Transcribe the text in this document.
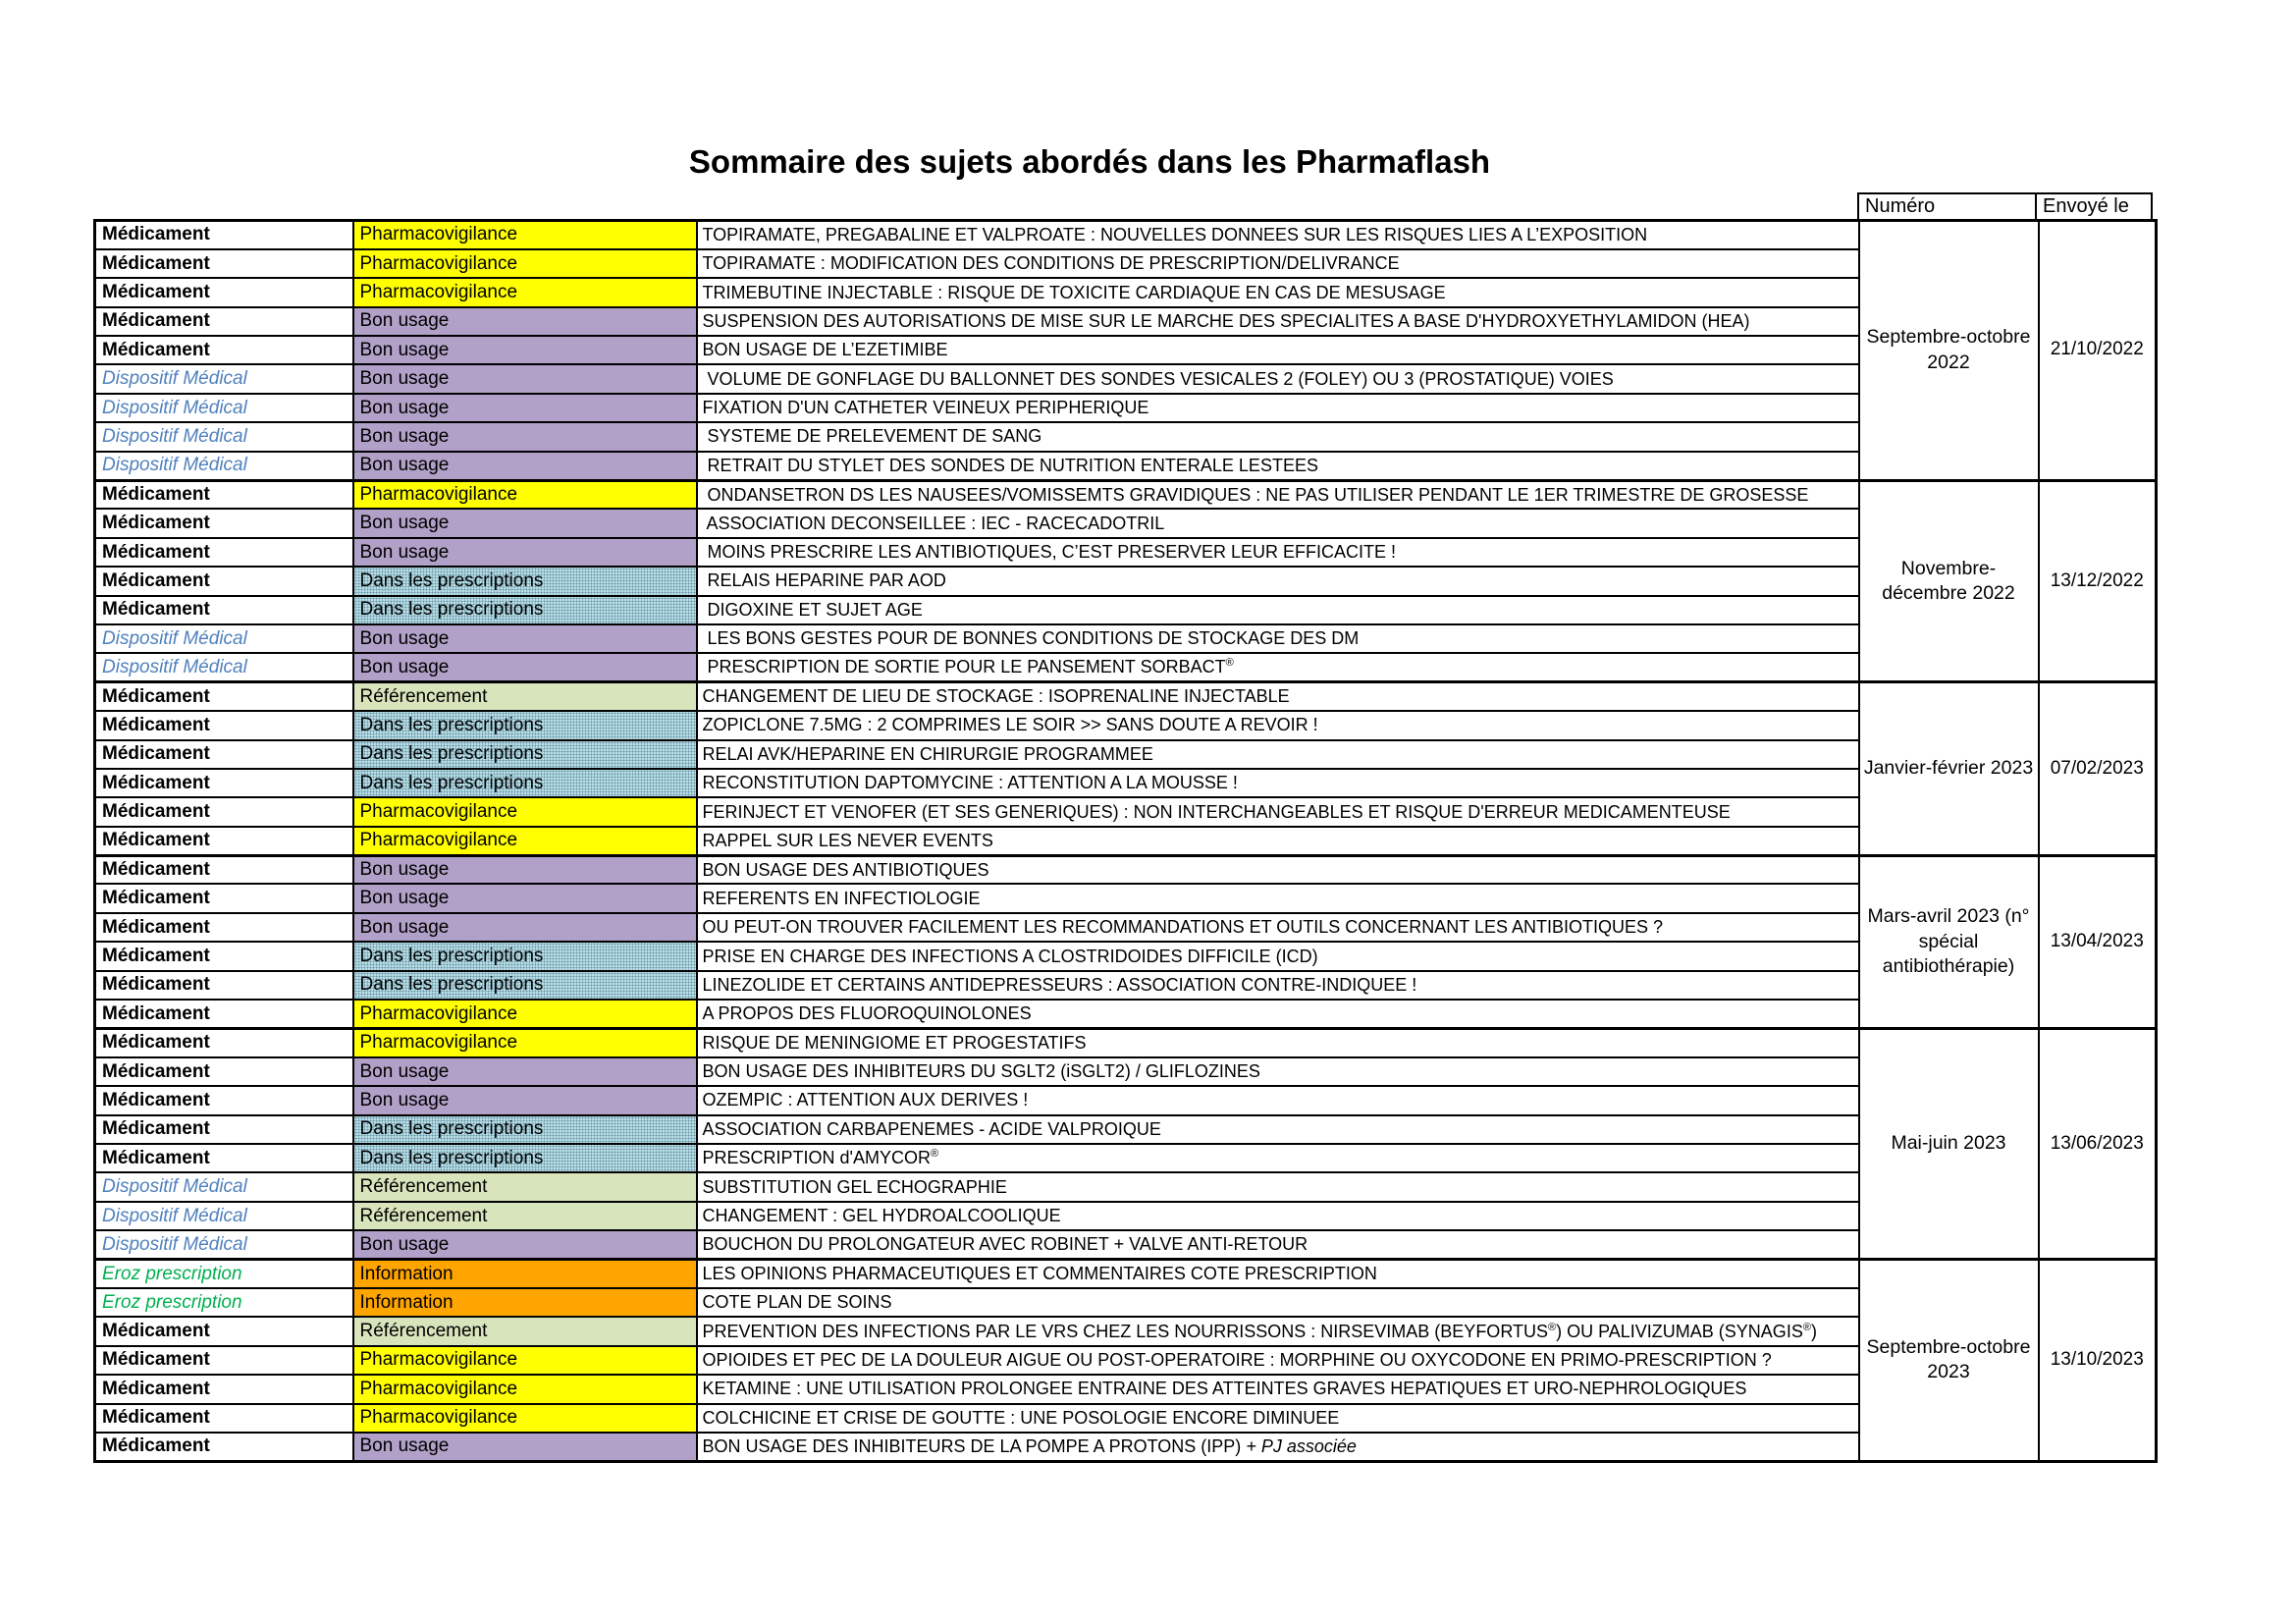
Sommaire des sujets abordés dans les Pharmaflash
Numéro	Envoyé le
Médicament	Pharmacovigilance	TOPIRAMATE, PREGABALINE ET VALPROATE : NOUVELLES DONNEES SUR LES RISQUES LIES A L’EXPOSITION	Septembre-octobre 2022	21/10/2022
Médicament	Pharmacovigilance	TOPIRAMATE : MODIFICATION DES CONDITIONS DE PRESCRIPTION/DELIVRANCE		
Médicament	Pharmacovigilance	TRIMEBUTINE INJECTABLE : RISQUE DE TOXICITE CARDIAQUE EN CAS DE MESUSAGE		
Médicament	Bon usage	SUSPENSION DES AUTORISATIONS DE MISE SUR LE MARCHE DES SPECIALITES A BASE D'HYDROXYETHYLAMIDON (HEA)		
Médicament	Bon usage	BON USAGE DE L’EZETIMIBE		
Dispositif Médical	Bon usage	VOLUME DE GONFLAGE DU BALLONNET DES SONDES VESICALES 2 (FOLEY) OU 3 (PROSTATIQUE) VOIES		
Dispositif Médical	Bon usage	FIXATION D'UN CATHETER VEINEUX PERIPHERIQUE		
Dispositif Médical	Bon usage	SYSTEME DE PRELEVEMENT DE SANG		
Dispositif Médical	Bon usage	RETRAIT DU STYLET DES SONDES DE NUTRITION ENTERALE LESTEES		
Médicament	Pharmacovigilance	ONDANSETRON DS LES NAUSEES/VOMISSEMTS GRAVIDIQUES : NE PAS UTILISER PENDANT LE 1ER TRIMESTRE DE GROSESSE	Novembre-décembre 2022	13/12/2022
Médicament	Bon usage	ASSOCIATION DECONSEILLEE : IEC - RACECADOTRIL		
Médicament	Bon usage	MOINS PRESCRIRE LES ANTIBIOTIQUES, C’EST PRESERVER LEUR EFFICACITE !		
Médicament	Dans les prescriptions	RELAIS HEPARINE PAR AOD		
Médicament	Dans les prescriptions	DIGOXINE ET SUJET AGE		
Dispositif Médical	Bon usage	LES BONS GESTES POUR DE BONNES CONDITIONS DE STOCKAGE DES DM		
Dispositif Médical	Bon usage	PRESCRIPTION DE SORTIE POUR LE PANSEMENT SORBACT®
Médicament	Référencement	CHANGEMENT DE LIEU DE STOCKAGE : ISOPRENALINE INJECTABLE	Janvier-février 2023	07/02/2023
Médicament	Dans les prescriptions	ZOPICLONE 7.5MG : 2 COMPRIMES LE SOIR >> SANS DOUTE A REVOIR !		
Médicament	Dans les prescriptions	RELAI AVK/HEPARINE EN CHIRURGIE PROGRAMMEE		
Médicament	Dans les prescriptions	RECONSTITUTION DAPTOMYCINE : ATTENTION A LA MOUSSE !		
Médicament	Pharmacovigilance	FERINJECT ET VENOFER (ET SES GENERIQUES) : NON INTERCHANGEABLES ET RISQUE D'ERREUR MEDICAMENTEUSE		
Médicament	Pharmacovigilance	RAPPEL SUR LES NEVER EVENTS		
Médicament	Bon usage	BON USAGE DES ANTIBIOTIQUES	Mars-avril 2023 (n° spécial antibiothérapie)	13/04/2023
Médicament	Bon usage	REFERENTS EN INFECTIOLOGIE		
Médicament	Bon usage	OU PEUT-ON TROUVER FACILEMENT LES RECOMMANDATIONS ET OUTILS CONCERNANT LES ANTIBIOTIQUES ?		
Médicament	Dans les prescriptions	PRISE EN CHARGE DES INFECTIONS A CLOSTRIDOIDES DIFFICILE (ICD)		
Médicament	Dans les prescriptions	LINEZOLIDE ET CERTAINS ANTIDEPRESSEURS : ASSOCIATION CONTRE-INDIQUEE !		
Médicament	Pharmacovigilance	A PROPOS DES FLUOROQUINOLONES		
Médicament	Pharmacovigilance	RISQUE DE MENINGIOME ET PROGESTATIFS	Mai-juin 2023	13/06/2023
Médicament	Bon usage	BON USAGE DES INHIBITEURS DU SGLT2 (iSGLT2) / GLIFLOZINES		
Médicament	Bon usage	OZEMPIC : ATTENTION AUX DERIVES !		
Médicament	Dans les prescriptions	ASSOCIATION CARBAPENEMES - ACIDE VALPROIQUE		
Médicament	Dans les prescriptions	PRESCRIPTION d'AMYCOR®
Dispositif Médical	Référencement	SUBSTITUTION GEL ECHOGRAPHIE		
Dispositif Médical	Référencement	CHANGEMENT : GEL HYDROALCOOLIQUE		
Dispositif Médical	Bon usage	BOUCHON DU PROLONGATEUR AVEC ROBINET + VALVE ANTI-RETOUR		
Eroz prescription	Information	LES OPINIONS PHARMACEUTIQUES ET COMMENTAIRES COTE PRESCRIPTION	Septembre-octobre 2023	13/10/2023
Eroz prescription	Information	COTE PLAN DE SOINS		
Médicament	Référencement	PREVENTION DES INFECTIONS PAR LE VRS CHEZ LES NOURRISSONS : NIRSEVIMAB (BEYFORTUS®) OU PALIVIZUMAB (SYNAGIS®)		
Médicament	Pharmacovigilance	OPIOIDES ET PEC DE LA DOULEUR AIGUE OU POST-OPERATOIRE : MORPHINE OU OXYCODONE EN PRIMO-PRESCRIPTION ?		
Médicament	Pharmacovigilance	KETAMINE : UNE UTILISATION PROLONGEE ENTRAINE DES ATTEINTES GRAVES HEPATIQUES ET URO-NEPHROLOGIQUES		
Médicament	Pharmacovigilance	COLCHICINE ET CRISE DE GOUTTE : UNE POSOLOGIE ENCORE DIMINUEE		
Médicament	Bon usage	BON USAGE DES INHIBITEURS DE LA POMPE A PROTONS (IPP) + PJ associée		
